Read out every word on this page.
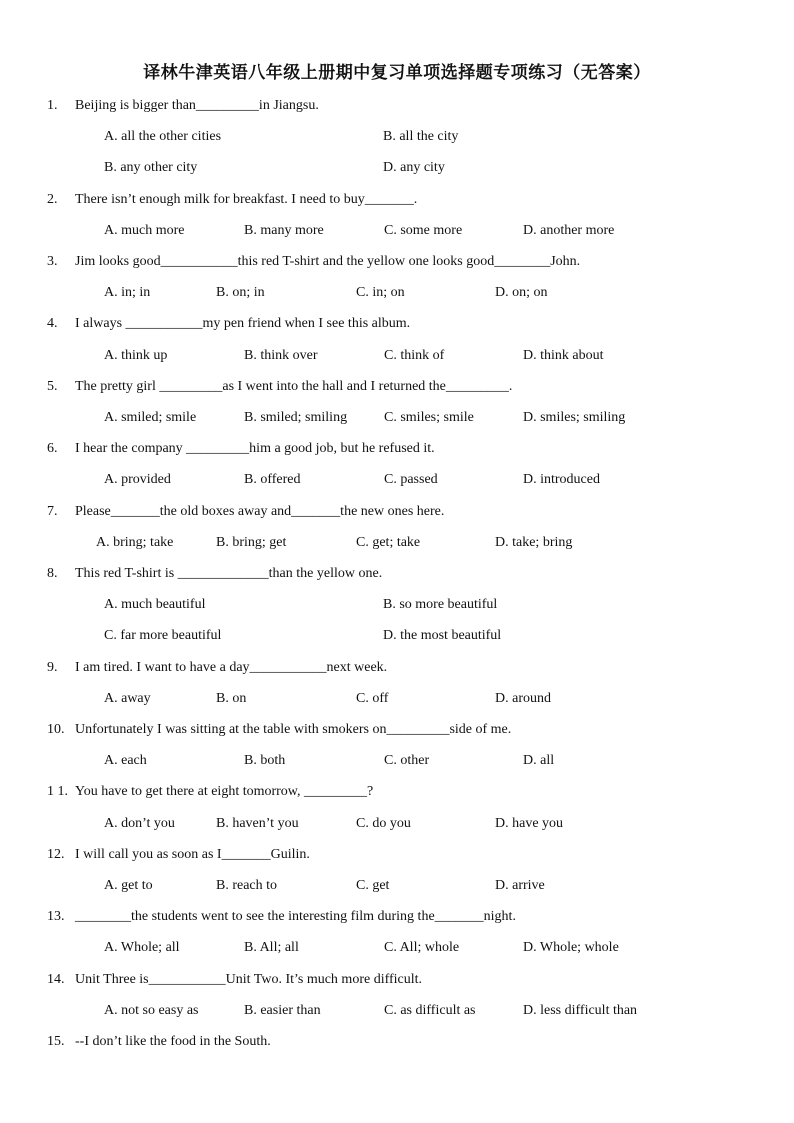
译林牛津英语八年级上册期中复习单项选择题专项练习（无答案）
1. Beijing is bigger than_________in Jiangsu.
A. all the other cities	B. all the city
B. any other city	D. any city
2. There isn’t enough milk for breakfast. I need to buy_______.
A. much more	B. many more	C. some more	D. another more
3. Jim looks good___________this red T-shirt and the yellow one looks good________John.
A. in; in	B. on; in	C. in; on	D. on; on
4. I always ___________my pen friend when I see this album.
A. think up	B. think over	C. think of	D. think about
5. The pretty girl _________as I went into the hall and I returned the_________.
A. smiled; smile	B. smiled; smiling	C. smiles; smile	D. smiles; smiling
6. I hear the company _________him a good job, but he refused it.
A. provided	B. offered	C. passed	D. introduced
7. Please_______the old boxes away and_______the new ones here.
A. bring; take	B. bring; get	C. get; take	D. take; bring
8. This red T-shirt is _____________than the yellow one.
A. much beautiful	B. so more beautiful
C. far more beautiful	D. the most beautiful
9. I am tired. I want to have a day___________next week.
A. away	B. on	C. off	D. around
10. Unfortunately I was sitting at the table with smokers on_________side of me.
A. each	B. both	C. other	D. all
1 1. You have to get there at eight tomorrow, _________?
A. don’t you	B. haven’t you	C. do you	D. have you
12. I will call you as soon as I_______Guilin.
A. get to	B. reach to	C. get	D. arrive
13. ________the students went to see the interesting film during the_______night.
A. Whole; all	B. All; all	C. All; whole	D. Whole; whole
14. Unit Three is___________Unit Two. It’s much more difficult.
A. not so easy as	B. easier than	C. as difficult as	D. less difficult than
15. --I don’t like the food in the South.
